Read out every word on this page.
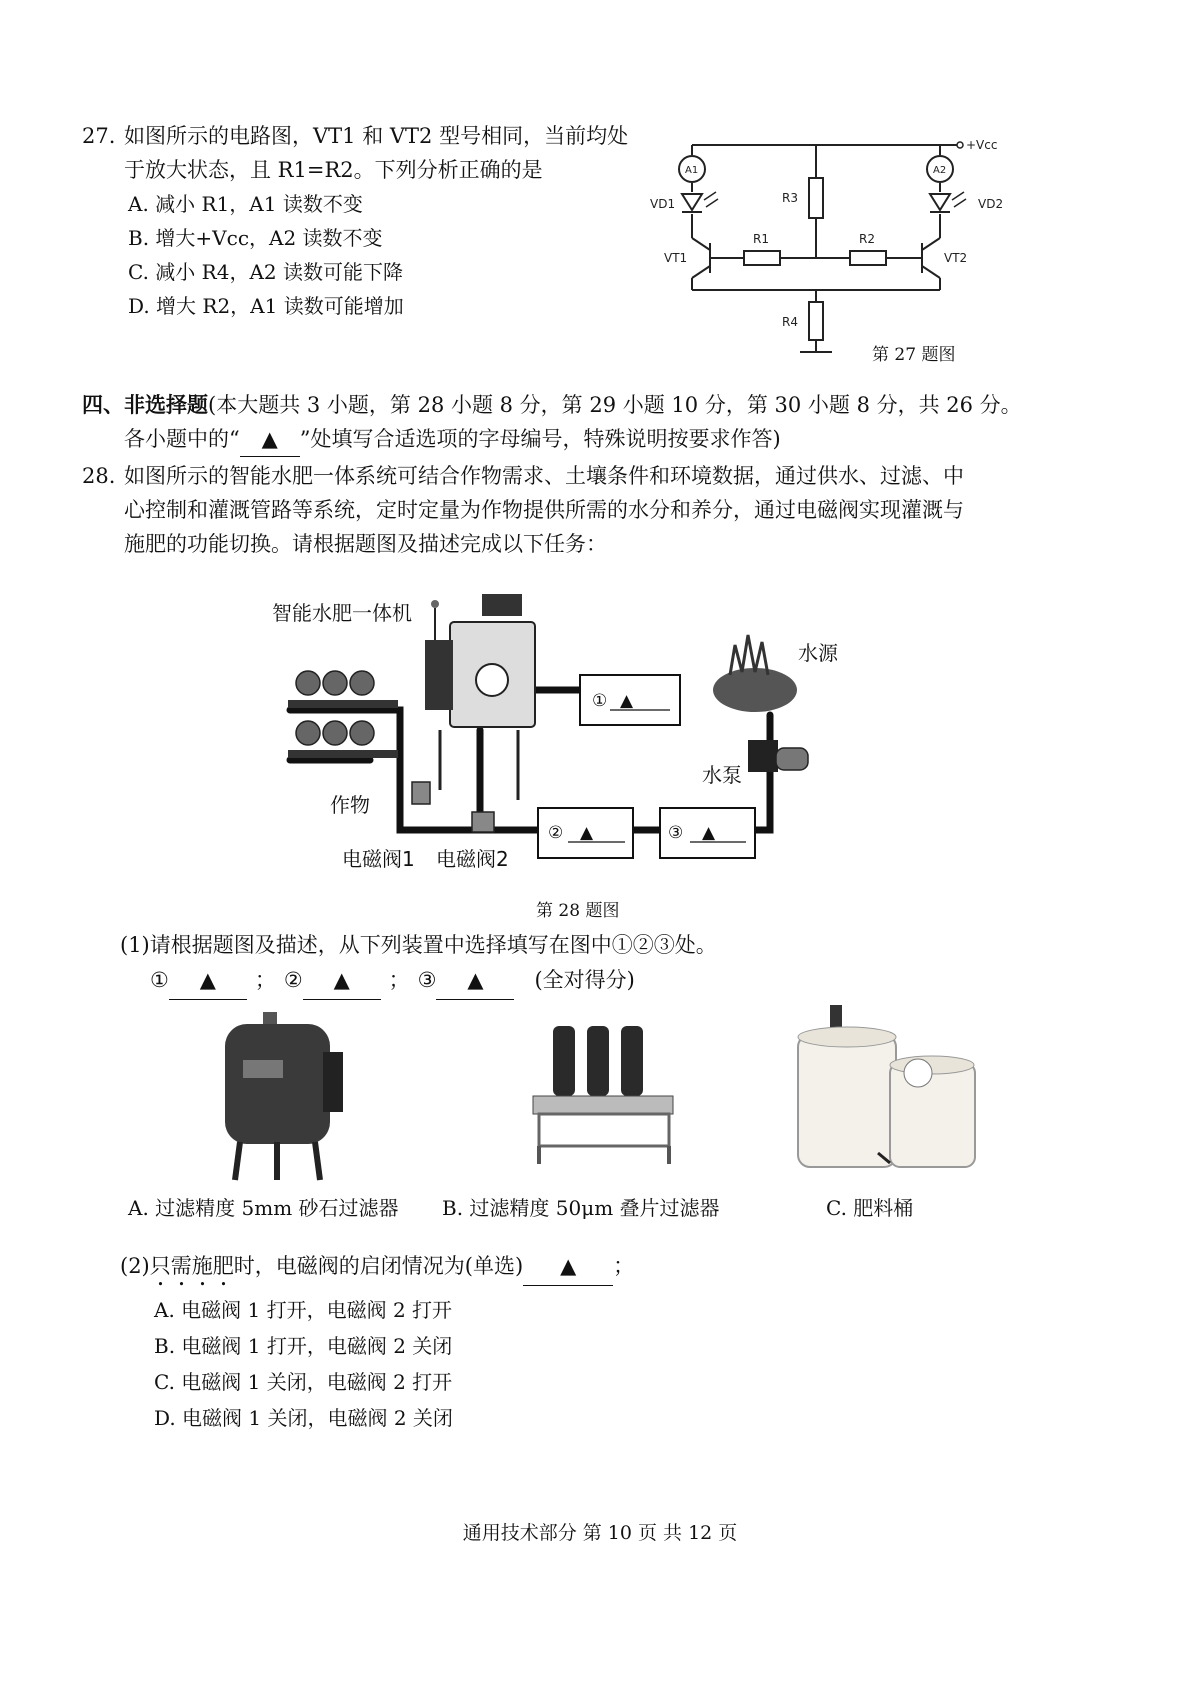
27. 如图所示的电路图，VT1 和 VT2 型号相同，当前均处
于放大状态，且 R1=R2。下列分析正确的是
A. 减小 R1，A1 读数不变
B. 增大+Vcc，A2 读数不变
C. 减小 R4，A2 读数可能下降
D. 增大 R2，A1 读数可能增加
+Vcc
A1	A2
VD1	VD2
R3
R1	R2
VT1	VT2
R4
第 27 题图
四、非选择题(本大题共 3 小题，第 28 小题 8 分，第 29 小题 10 分，第 30 小题 8 分，共 26 分。
各小题中的“ ▲ ”处填写合适选项的字母编号，特殊说明按要求作答)
28. 如图所示的智能水肥一体系统可结合作物需求、土壤条件和环境数据，通过供水、过滤、中
心控制和灌溉管路等系统，定时定量为作物提供所需的水分和养分，通过电磁阀实现灌溉与
施肥的功能切换。请根据题图及描述完成以下任务：
① ▲
② ▲	③ ▲
智能水肥一体机
水源
水泵
作物
电磁阀1 电磁阀2
第 28 题图
(1)请根据题图及描述，从下列装置中选择填写在图中①②③处。
① ▲ ； ② ▲ ； ③ ▲ (全对得分)
A. 过滤精度 5mm 砂石过滤器 B. 过滤精度 50μm 叠片过滤器	C. 肥料桶
(2)只需施肥时，电磁阀的启闭情况为(单选) ▲ ；
A. 电磁阀 1 打开，电磁阀 2 打开
B. 电磁阀 1 打开，电磁阀 2 关闭
C. 电磁阀 1 关闭，电磁阀 2 打开
D. 电磁阀 1 关闭，电磁阀 2 关闭
通用技术部分 第 10 页 共 12 页
